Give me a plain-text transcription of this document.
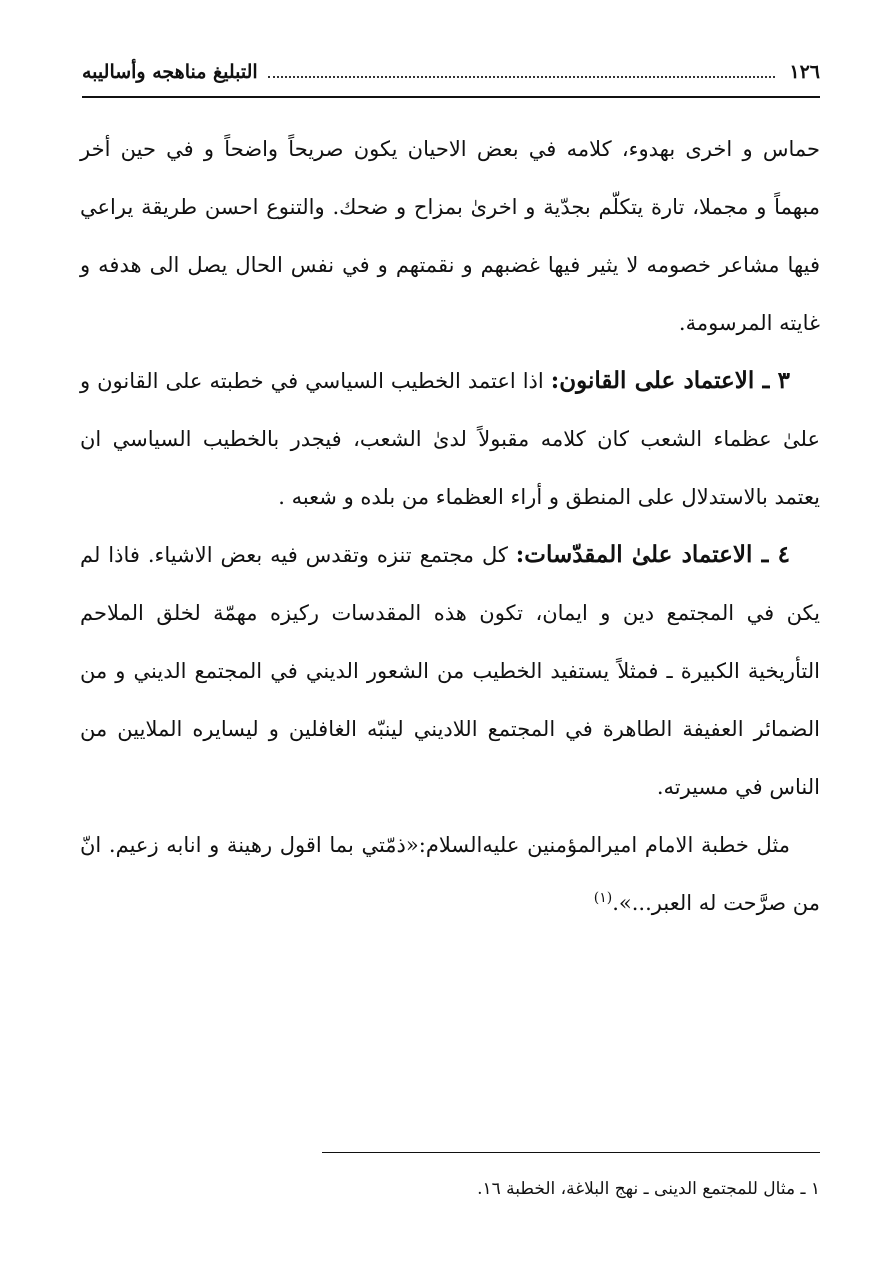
١٢٦
التبليغ مناهجه وأساليبه

حماس و اخرى بهدوء، كلامه في بعض الاحيان يكون صريحاً واضحاً و في حين أخر مبهماً و مجملا، تارة يتكلّم بجدّية و اخرىٰ بمزاح و ضحك. والتنوع احسن طريقة يراعي فيها مشاعر خصومه لا يثير فيها غضبهم و نقمتهم و في نفس الحال يصل الى هدفه و غايته المرسومة.

٣ ـ الاعتماد على القانون: اذا اعتمد الخطيب السياسي في خطبته على القانون و علىٰ عظماء الشعب كان كلامه مقبولاً لدىٰ الشعب، فيجدر بالخطيب السياسي ان يعتمد بالاستدلال على المنطق و أراء العظماء من بلده و شعبه .

٤ ـ الاعتماد علىٰ المقدّسات: كل مجتمع تنزه وتقدس فيه بعض الاشياء. فاذا لم يكن في المجتمع دين و ايمان، تكون هذه المقدسات ركيزه مهمّة لخلق الملاحم التأريخية الكبيرة ـ فمثلاً يستفيد الخطيب من الشعور الديني في المجتمع الديني و من الضمائر العفيفة الطاهرة في المجتمع اللاديني لينبّه الغافلين و ليسايره الملايين من الناس في مسيرته.

مثل خطبة الامام اميرالمؤمنين عليه‌السلام:«ذمّتي بما اقول رهينة و انابه زعيم. انّ من صرَّحت له العبر...».$^{(١)}$

١ ـ مثال للمجتمع الدينى ـ نهج البلاغة، الخطبة ١٦.
